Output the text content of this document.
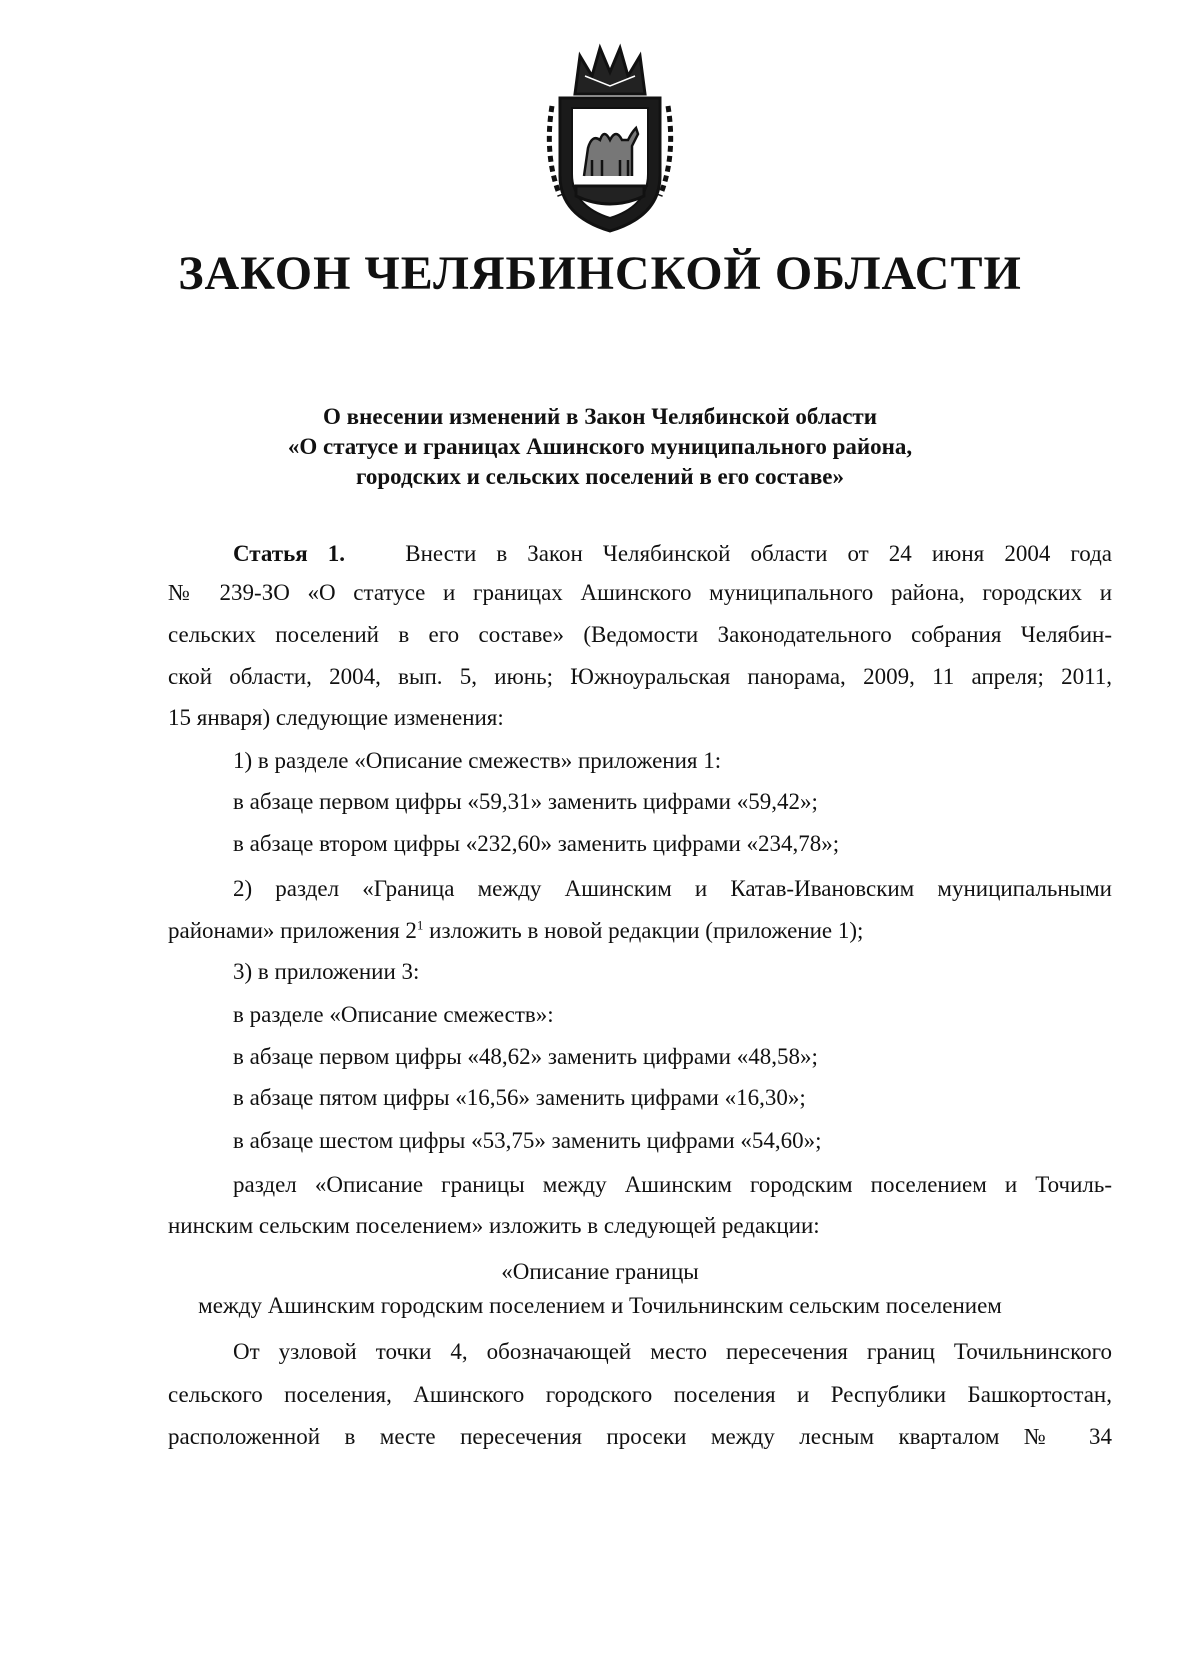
ЗАКОН ЧЕЛЯБИНСКОЙ ОБЛАСТИ
О внесении изменений в Закон Челябинской области
«О статусе и границах Ашинского муниципального района,
городских и сельских поселений в его составе»

Статья 1.	Внести в Закон Челябинской области от 24 июня 2004 года

№ 239-ЗО «О статусе и границах Ашинского муниципального района, городских и

сельских поселений в его составе» (Ведомости Законодательного собрания Челябин-

ской области, 2004, вып. 5, июнь; Южноуральская панорама, 2009, 11 апреля; 2011,

15 января) следующие изменения:

1) в разделе «Описание смежеств» приложения 1:

в абзаце первом цифры «59,31» заменить цифрами «59,42»;

в абзаце втором цифры «232,60» заменить цифрами «234,78»;

2) раздел «Граница между Ашинским и Катав-Ивановским муниципальными

районами» приложения $2^1$ изложить в новой редакции (приложение 1);

3) в приложении 3:

в разделе «Описание смежеств»:

в абзаце первом цифры «48,62» заменить цифрами «48,58»;

в абзаце пятом цифры «16,56» заменить цифрами «16,30»;

в абзаце шестом цифры «53,75» заменить цифрами «54,60»;

раздел «Описание границы между Ашинским городским поселением и Точиль-

нинским сельским поселением» изложить в следующей редакции:

«Описание границы
между Ашинским городским поселением и Точильнинским сельским поселением

От узловой точки 4, обозначающей место пересечения границ Точильнинского

сельского поселения, Ашинского городского поселения и Республики Башкортостан,

расположенной в месте пересечения просеки между лесным кварталом № 34
